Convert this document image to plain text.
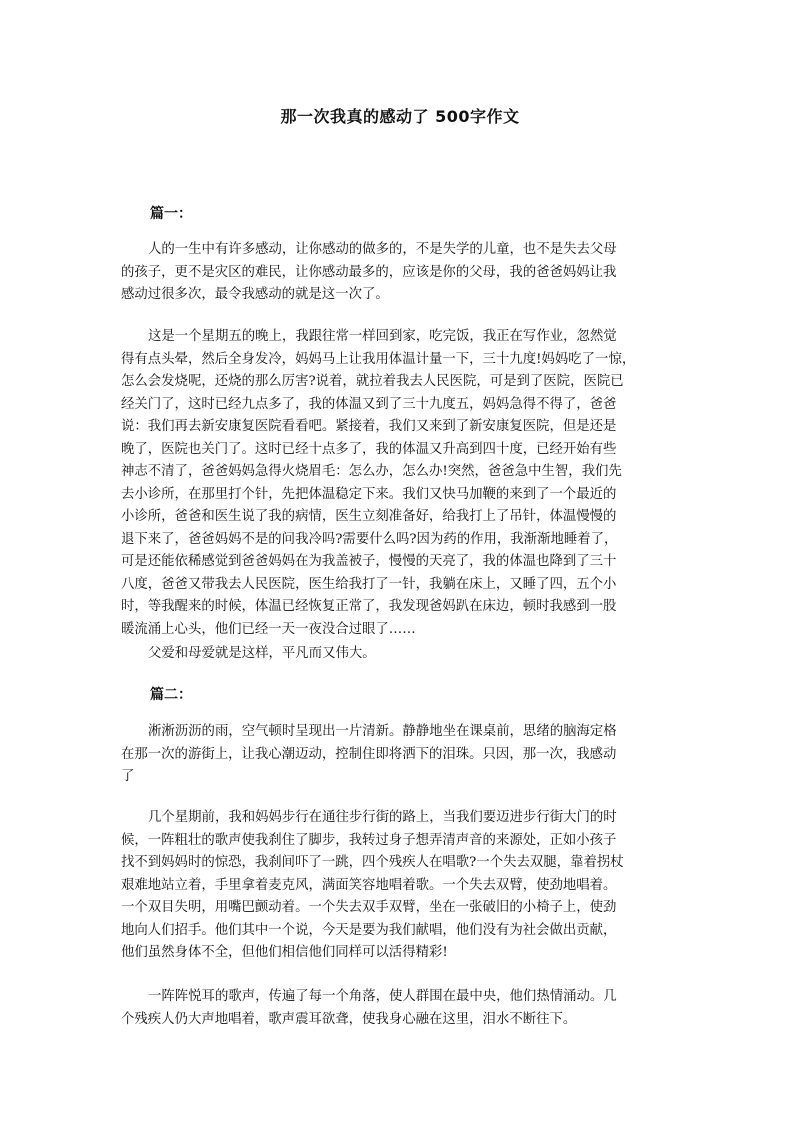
那一次我真的感动了 500字作文
篇一：
人的一生中有许多感动，让你感动的做多的，不是失学的儿童，也不是失去父母
的孩子，更不是灾区的难民，让你感动最多的，应该是你的父母，我的爸爸妈妈让我
感动过很多次，最令我感动的就是这一次了。
这是一个星期五的晚上，我跟往常一样回到家，吃完饭，我正在写作业，忽然觉
得有点头晕，然后全身发冷，妈妈马上让我用体温计量一下，三十九度!妈妈吃了一惊，
怎么会发烧呢，还烧的那么厉害?说着，就拉着我去人民医院，可是到了医院，医院已
经关门了，这时已经九点多了，我的体温又到了三十九度五，妈妈急得不得了，爸爸
说：我们再去新安康复医院看看吧。紧接着，我们又来到了新安康复医院，但是还是
晚了，医院也关门了。这时已经十点多了，我的体温又升高到四十度，已经开始有些
神志不清了，爸爸妈妈急得火烧眉毛：怎么办，怎么办!突然，爸爸急中生智，我们先
去小诊所，在那里打个针，先把体温稳定下来。我们又快马加鞭的来到了一个最近的
小诊所，爸爸和医生说了我的病情，医生立刻准备好，给我打上了吊针，体温慢慢的
退下来了，爸爸妈妈不是的问我冷吗?需要什么吗?因为药的作用，我渐渐地睡着了，
可是还能依稀感觉到爸爸妈妈在为我盖被子，慢慢的天亮了，我的体温也降到了三十
八度，爸爸又带我去人民医院，医生给我打了一针，我躺在床上，又睡了四，五个小
时，等我醒来的时候，体温已经恢复正常了，我发现爸妈趴在床边，顿时我感到一股
暖流涌上心头，他们已经一天一夜没合过眼了……
父爱和母爱就是这样，平凡而又伟大。
篇二：
淅淅沥沥的雨，空气顿时呈现出一片清新。静静地坐在课桌前，思绪的脑海定格
在那一次的游街上，让我心潮迈动，控制住即将洒下的泪珠。只因，那一次，我感动
了
几个星期前，我和妈妈步行在通往步行街的路上，当我们要迈进步行街大门的时
候，一阵粗壮的歌声使我刹住了脚步，我转过身子想弄清声音的来源处，正如小孩子
找不到妈妈时的惊恐，我刹间吓了一跳，四个残疾人在唱歌?一个失去双腿，靠着拐杖
艰难地站立着，手里拿着麦克风，满面笑容地唱着歌。一个失去双臂，使劲地唱着。
一个双目失明，用嘴巴颤动着。一个失去双手双臂，坐在一张破旧的小椅子上，使劲
地向人们招手。他们其中一个说，今天是要为我们献唱，他们没有为社会做出贡献，
他们虽然身体不全，但他们相信他们同样可以活得精彩!
一阵阵悦耳的歌声，传遍了每一个角落，使人群围在最中央，他们热情涌动。几
个残疾人仍大声地唱着，歌声震耳欲聋，使我身心融在这里，泪水不断往下。
